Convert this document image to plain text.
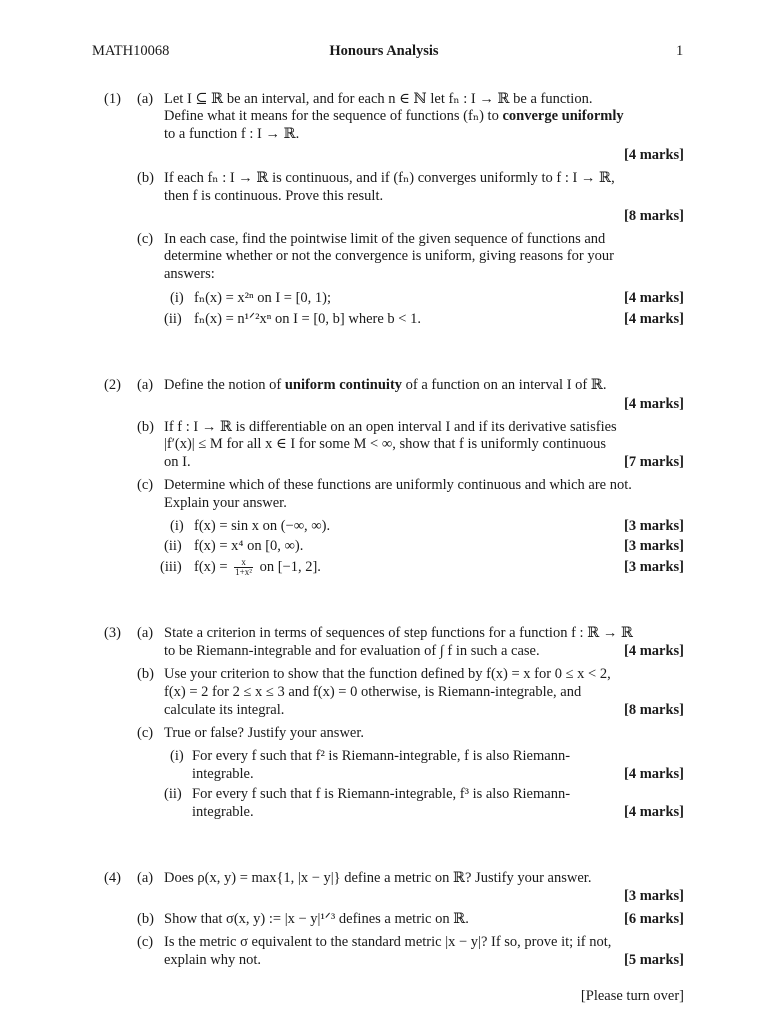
MATH10068	Honours Analysis	1
(1) (a) Let I ⊆ ℝ be an interval, and for each n ∈ ℕ let fₙ : I → ℝ be a function.
Define what it means for the sequence of functions (fₙ) to converge uniformly
to a function f : I → ℝ.
[4 marks]
(b) If each fₙ : I → ℝ is continuous, and if (fₙ) converges uniformly to f : I → ℝ,
then f is continuous. Prove this result.
[8 marks]
(c) In each case, find the pointwise limit of the given sequence of functions and
determine whether or not the convergence is uniform, giving reasons for your
answers:
(i) fₙ(x) = x²ⁿ on I = [0, 1);	[4 marks]
(ii) fₙ(x) = n¹ᐟ²xⁿ on I = [0, b] where b < 1.	[4 marks]
(2) (a) Define the notion of uniform continuity of a function on an interval I of ℝ.
[4 marks]
(b) If f : I → ℝ is differentiable on an open interval I and if its derivative satisfies
|f′(x)| ≤ M for all x ∈ I for some M < ∞, show that f is uniformly continuous
on I.	[7 marks]
(c) Determine which of these functions are uniformly continuous and which are not.
Explain your answer.
(i) f(x) = sin x on (−∞, ∞).	[3 marks]
(ii) f(x) = x⁴ on [0, ∞).	[3 marks]
(iii) $f(x) = \frac{x}{\text{1+x²}}$ on [−1, 2].	[3 marks]
(3) (a) State a criterion in terms of sequences of step functions for a function f : ℝ → ℝ
to be Riemann-integrable and for evaluation of ∫ f in such a case.	[4 marks]
(b) Use your criterion to show that the function defined by f(x) = x for 0 ≤ x < 2,
f(x) = 2 for 2 ≤ x ≤ 3 and f(x) = 0 otherwise, is Riemann-integrable, and
calculate its integral.	[8 marks]
(c) True or false? Justify your answer.
(i) For every f such that f² is Riemann-integrable, f is also Riemann-
integrable.	[4 marks]
(ii) For every f such that f is Riemann-integrable, f³ is also Riemann-
integrable.	[4 marks]
(4) (a) Does ρ(x, y) = max{1, |x − y|} define a metric on ℝ? Justify your answer.
[3 marks]
(b) Show that σ(x, y) := |x − y|¹ᐟ³ defines a metric on ℝ.	[6 marks]
(c) Is the metric σ equivalent to the standard metric |x − y|? If so, prove it; if not,
explain why not.	[5 marks]
[Please turn over]
